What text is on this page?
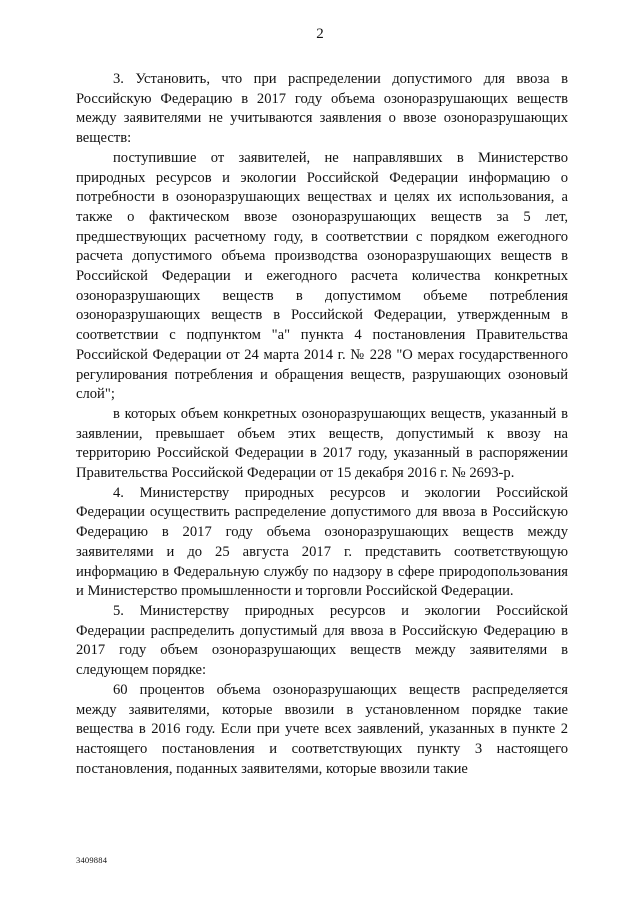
2

3. Установить, что при распределении допустимого для ввоза в Российскую Федерацию в 2017 году объема озоноразрушающих веществ между заявителями не учитываются заявления о ввозе озоноразрушающих веществ:

поступившие от заявителей, не направлявших в Министерство природных ресурсов и экологии Российской Федерации информацию о потребности в озоноразрушающих веществах и целях их использования, а также о фактическом ввозе озоноразрушающих веществ за 5 лет, предшествующих расчетному году, в соответствии с порядком ежегодного расчета допустимого объема производства озоноразрушающих веществ в Российской Федерации и ежегодного расчета количества конкретных озоноразрушающих веществ в допустимом объеме потребления озоноразрушающих веществ в Российской Федерации, утвержденным в соответствии с подпунктом "а" пункта 4 постановления Правительства Российской Федерации от 24 марта 2014 г. № 228 "О мерах государственного регулирования потребления и обращения веществ, разрушающих озоновый слой";

в которых объем конкретных озоноразрушающих веществ, указанный в заявлении, превышает объем этих веществ, допустимый к ввозу на территорию Российской Федерации в 2017 году, указанный в распоряжении Правительства Российской Федерации от 15 декабря 2016 г. № 2693-р.

4. Министерству природных ресурсов и экологии Российской Федерации осуществить распределение допустимого для ввоза в Российскую Федерацию в 2017 году объема озоноразрушающих веществ между заявителями и до 25 августа 2017 г. представить соответствующую информацию в Федеральную службу по надзору в сфере природопользования и Министерство промышленности и торговли Российской Федерации.

5. Министерству природных ресурсов и экологии Российской Федерации распределить допустимый для ввоза в Российскую Федерацию в 2017 году объем озоноразрушающих веществ между заявителями в следующем порядке:

60 процентов объема озоноразрушающих веществ распределяется между заявителями, которые ввозили в установленном порядке такие вещества в 2016 году. Если при учете всех заявлений, указанных в пункте 2 настоящего постановления и соответствующих пункту 3 настоящего постановления, поданных заявителями, которые ввозили такие

3409884
